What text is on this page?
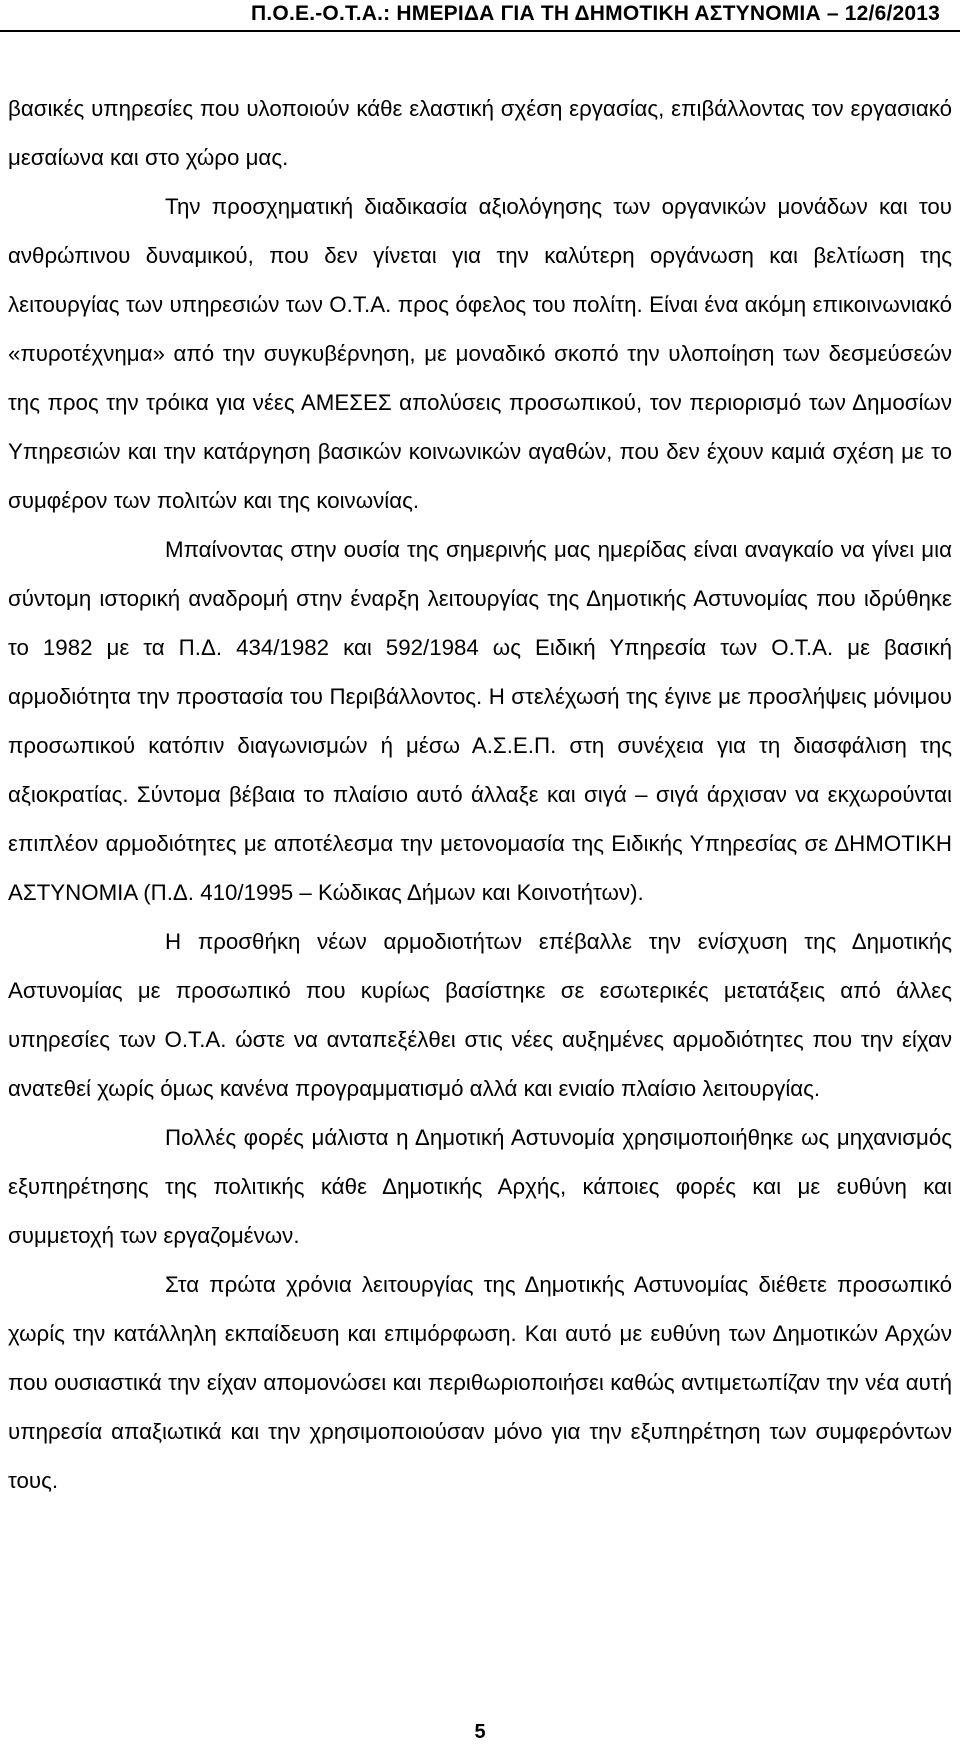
Π.Ο.Ε.-Ο.Τ.Α.: ΗΜΕΡΙΔΑ ΓΙΑ ΤΗ ΔΗΜΟΤΙΚΗ ΑΣΤΥΝΟΜΙΑ – 12/6/2013

βασικές υπηρεσίες που υλοποιούν κάθε ελαστική σχέση εργασίας, επιβάλλοντας τον εργασιακό μεσαίωνα και στο χώρο μας.

Την προσχηματική διαδικασία αξιολόγησης των οργανικών μονάδων και του ανθρώπινου δυναμικού, που δεν γίνεται για την καλύτερη οργάνωση και βελτίωση της λειτουργίας των υπηρεσιών των Ο.Τ.Α. προς όφελος του πολίτη. Είναι ένα ακόμη επικοινωνιακό «πυροτέχνημα» από την συγκυβέρνηση, με μοναδικό σκοπό την υλοποίηση των δεσμεύσεών της προς την τρόικα για νέες ΑΜΕΣΕΣ απολύσεις προσωπικού, τον περιορισμό των Δημοσίων Υπηρεσιών και την κατάργηση βασικών κοινωνικών αγαθών, που δεν έχουν καμιά σχέση με το συμφέρον των πολιτών και της κοινωνίας.

Μπαίνοντας στην ουσία της σημερινής μας ημερίδας είναι αναγκαίο να γίνει μια σύντομη ιστορική αναδρομή στην έναρξη λειτουργίας της Δημοτικής Αστυνομίας που ιδρύθηκε το 1982 με τα Π.Δ. 434/1982 και 592/1984 ως Ειδική Υπηρεσία των Ο.Τ.Α. με βασική αρμοδιότητα την προστασία του Περιβάλλοντος. Η στελέχωσή της έγινε με προσλήψεις μόνιμου προσωπικού κατόπιν διαγωνισμών ή μέσω Α.Σ.Ε.Π. στη συνέχεια για τη διασφάλιση της αξιοκρατίας. Σύντομα βέβαια το πλαίσιο αυτό άλλαξε και σιγά – σιγά άρχισαν να εκχωρούνται επιπλέον αρμοδιότητες με αποτέλεσμα την μετονομασία της Ειδικής Υπηρεσίας σε ΔΗΜΟΤΙΚΗ ΑΣΤΥΝΟΜΙΑ (Π.Δ. 410/1995 – Κώδικας Δήμων και Κοινοτήτων).

Η προσθήκη νέων αρμοδιοτήτων επέβαλλε την ενίσχυση της Δημοτικής Αστυνομίας με προσωπικό που κυρίως βασίστηκε σε εσωτερικές μετατάξεις από άλλες υπηρεσίες των Ο.Τ.Α. ώστε να ανταπεξέλθει στις νέες αυξημένες αρμοδιότητες που την είχαν ανατεθεί χωρίς όμως κανένα προγραμματισμό αλλά και ενιαίο πλαίσιο λειτουργίας.

Πολλές φορές μάλιστα η Δημοτική Αστυνομία χρησιμοποιήθηκε ως μηχανισμός εξυπηρέτησης της πολιτικής κάθε Δημοτικής Αρχής, κάποιες φορές και με ευθύνη και συμμετοχή των εργαζομένων.

Στα πρώτα χρόνια λειτουργίας της Δημοτικής Αστυνομίας διέθετε προσωπικό χωρίς την κατάλληλη εκπαίδευση και επιμόρφωση. Και αυτό με ευθύνη των Δημοτικών Αρχών που ουσιαστικά την είχαν απομονώσει και περιθωριοποιήσει καθώς αντιμετωπίζαν την νέα αυτή υπηρεσία απαξιωτικά και την χρησιμοποιούσαν μόνο για την εξυπηρέτηση των συμφερόντων τους.

5
